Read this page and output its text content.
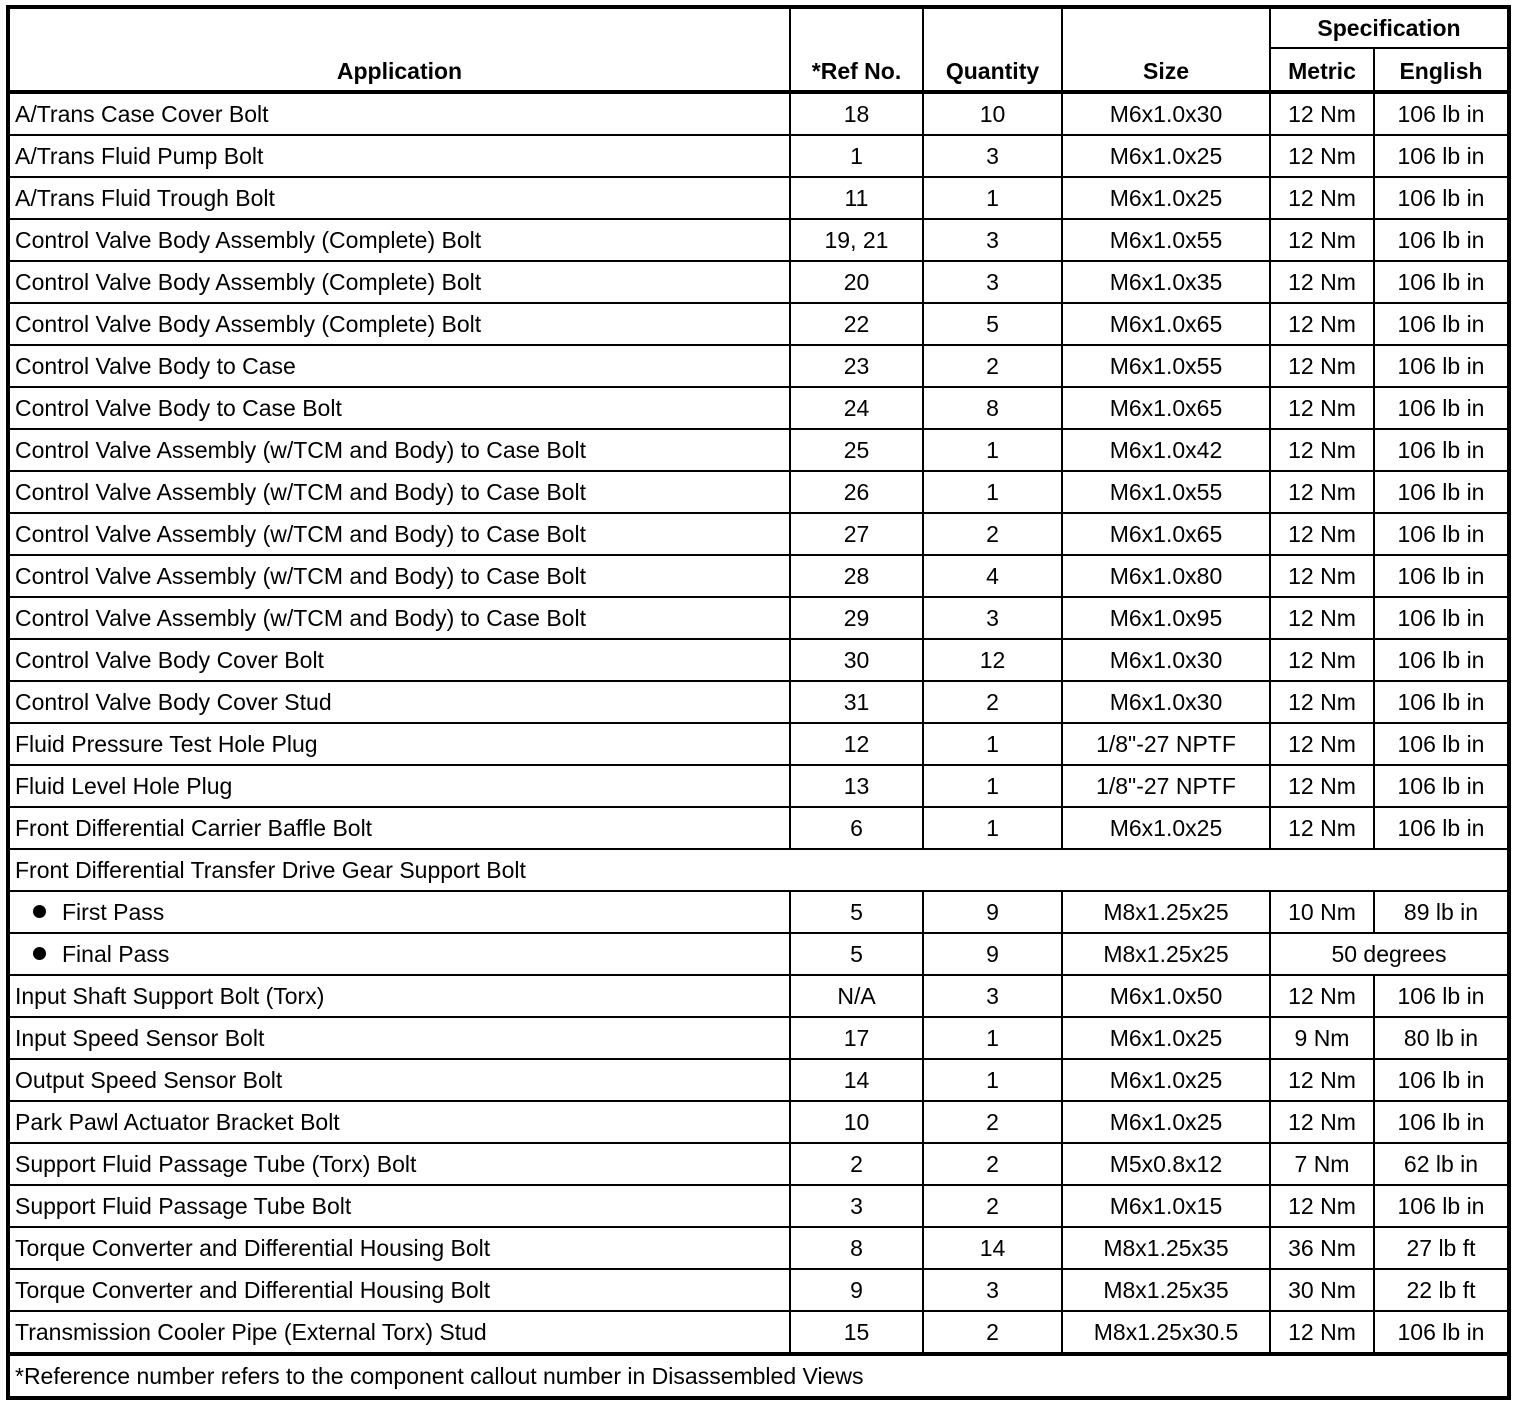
Application	*Ref No.	Quantity	Size	Specification	
				Metric	English
A/Trans Case Cover Bolt	18	10	M6x1.0x30	12 Nm	106 lb in
A/Trans Fluid Pump Bolt	1	3	M6x1.0x25	12 Nm	106 lb in
A/Trans Fluid Trough Bolt	11	1	M6x1.0x25	12 Nm	106 lb in
Control Valve Body Assembly (Complete) Bolt	19, 21	3	M6x1.0x55	12 Nm	106 lb in
Control Valve Body Assembly (Complete) Bolt	20	3	M6x1.0x35	12 Nm	106 lb in
Control Valve Body Assembly (Complete) Bolt	22	5	M6x1.0x65	12 Nm	106 lb in
Control Valve Body to Case	23	2	M6x1.0x55	12 Nm	106 lb in
Control Valve Body to Case Bolt	24	8	M6x1.0x65	12 Nm	106 lb in
Control Valve Assembly (w/TCM and Body) to Case Bolt	25	1	M6x1.0x42	12 Nm	106 lb in
Control Valve Assembly (w/TCM and Body) to Case Bolt	26	1	M6x1.0x55	12 Nm	106 lb in
Control Valve Assembly (w/TCM and Body) to Case Bolt	27	2	M6x1.0x65	12 Nm	106 lb in
Control Valve Assembly (w/TCM and Body) to Case Bolt	28	4	M6x1.0x80	12 Nm	106 lb in
Control Valve Assembly (w/TCM and Body) to Case Bolt	29	3	M6x1.0x95	12 Nm	106 lb in
Control Valve Body Cover Bolt	30	12	M6x1.0x30	12 Nm	106 lb in
Control Valve Body Cover Stud	31	2	M6x1.0x30	12 Nm	106 lb in
Fluid Pressure Test Hole Plug	12	1	1/8"-27 NPTF	12 Nm	106 lb in
Fluid Level Hole Plug	13	1	1/8"-27 NPTF	12 Nm	106 lb in
Front Differential Carrier Baffle Bolt	6	1	M6x1.0x25	12 Nm	106 lb in
Front Differential Transfer Drive Gear Support Bolt					
First Pass	5	9	M8x1.25x25	10 Nm	89 lb in
Final Pass	5	9	M8x1.25x25	50 degrees	
Input Shaft Support Bolt (Torx)	N/A	3	M6x1.0x50	12 Nm	106 lb in
Input Speed Sensor Bolt	17	1	M6x1.0x25	9 Nm	80 lb in
Output Speed Sensor Bolt	14	1	M6x1.0x25	12 Nm	106 lb in
Park Pawl Actuator Bracket Bolt	10	2	M6x1.0x25	12 Nm	106 lb in
Support Fluid Passage Tube (Torx) Bolt	2	2	M5x0.8x12	7 Nm	62 lb in
Support Fluid Passage Tube Bolt	3	2	M6x1.0x15	12 Nm	106 lb in
Torque Converter and Differential Housing Bolt	8	14	M8x1.25x35	36 Nm	27 lb ft
Torque Converter and Differential Housing Bolt	9	3	M8x1.25x35	30 Nm	22 lb ft
Transmission Cooler Pipe (External Torx) Stud	15	2	M8x1.25x30.5	12 Nm	106 lb in
*Reference number refers to the component callout number in Disassembled Views					
